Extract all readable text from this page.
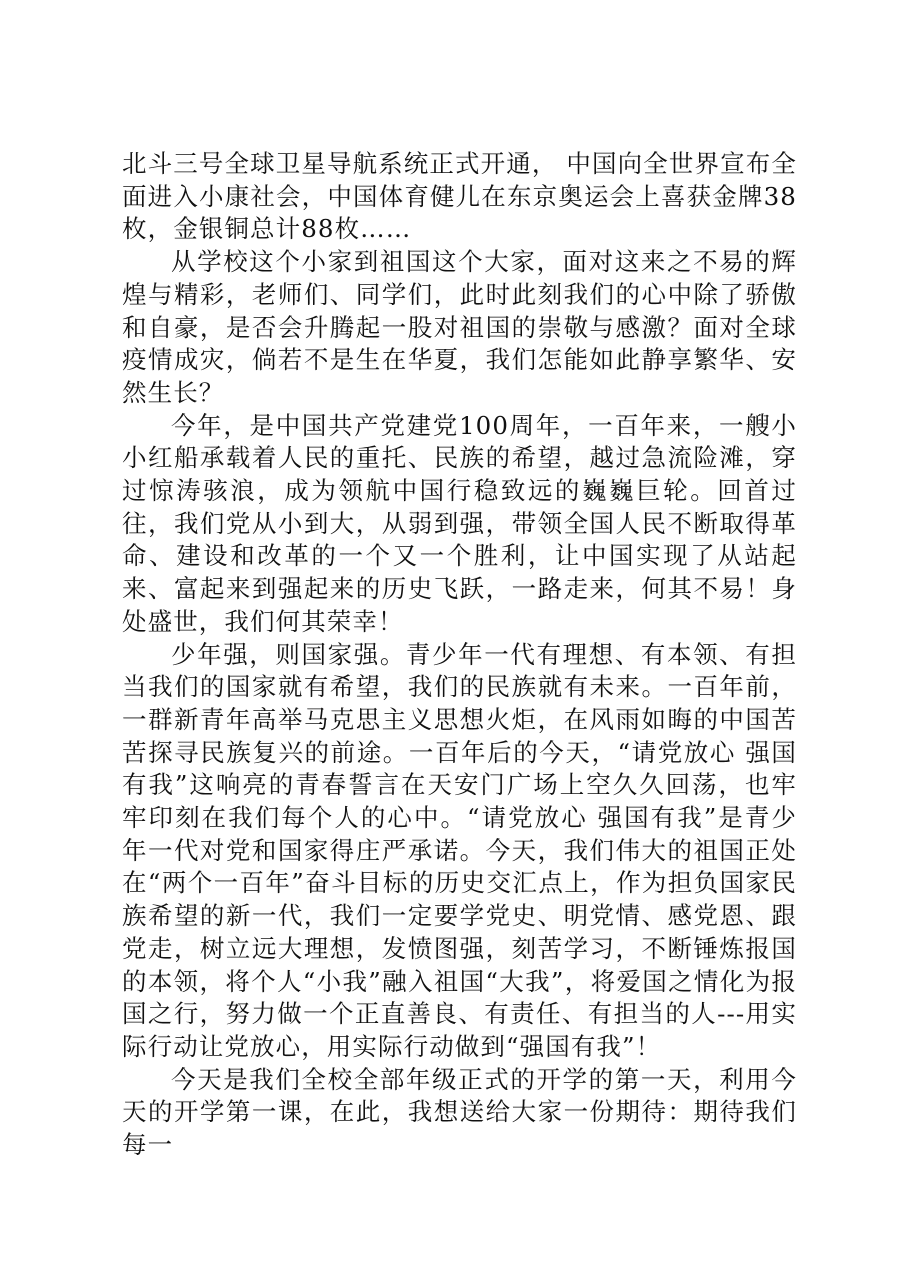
北斗三号全球卫星导航系统正式开通， 中国向全世界宣布全面进入小康社会，中国体育健儿在东京奥运会上喜获金牌38枚，金银铜总计88枚……

从学校这个小家到祖国这个大家，面对这来之不易的辉煌与精彩，老师们、同学们，此时此刻我们的心中除了骄傲和自豪，是否会升腾起一股对祖国的崇敬与感激？面对全球疫情成灾，倘若不是生在华夏，我们怎能如此静享繁华、安然生长？

今年，是中国共产党建党100周年，一百年来，一艘小小红船承载着人民的重托、民族的希望，越过急流险滩，穿过惊涛骇浪，成为领航中国行稳致远的巍巍巨轮。回首过往，我们党从小到大，从弱到强，带领全国人民不断取得革命、建设和改革的一个又一个胜利，让中国实现了从站起来、富起来到强起来的历史飞跃，一路走来，何其不易！身处盛世，我们何其荣幸！

少年强，则国家强。青少年一代有理想、有本领、有担当我们的国家就有希望，我们的民族就有未来。一百年前，一群新青年高举马克思主义思想火炬，在风雨如晦的中国苦苦探寻民族复兴的前途。一百年后的今天，“请党放心 强国有我”这响亮的青春誓言在天安门广场上空久久回荡，也牢牢印刻在我们每个人的心中。“请党放心 强国有我”是青少年一代对党和国家得庄严承诺。今天，我们伟大的祖国正处在“两个一百年”奋斗目标的历史交汇点上，作为担负国家民族希望的新一代，我们一定要学党史、明党情、感党恩、跟党走，树立远大理想，发愤图强，刻苦学习，不断锤炼报国的本领，将个人“小我”融入祖国“大我”，将爱国之情化为报国之行，努力做一个正直善良、有责任、有担当的人---用实际行动让党放心，用实际行动做到“强国有我”！

今天是我们全校全部年级正式的开学的第一天，利用今天的开学第一课，在此，我想送给大家一份期待：期待我们每一
